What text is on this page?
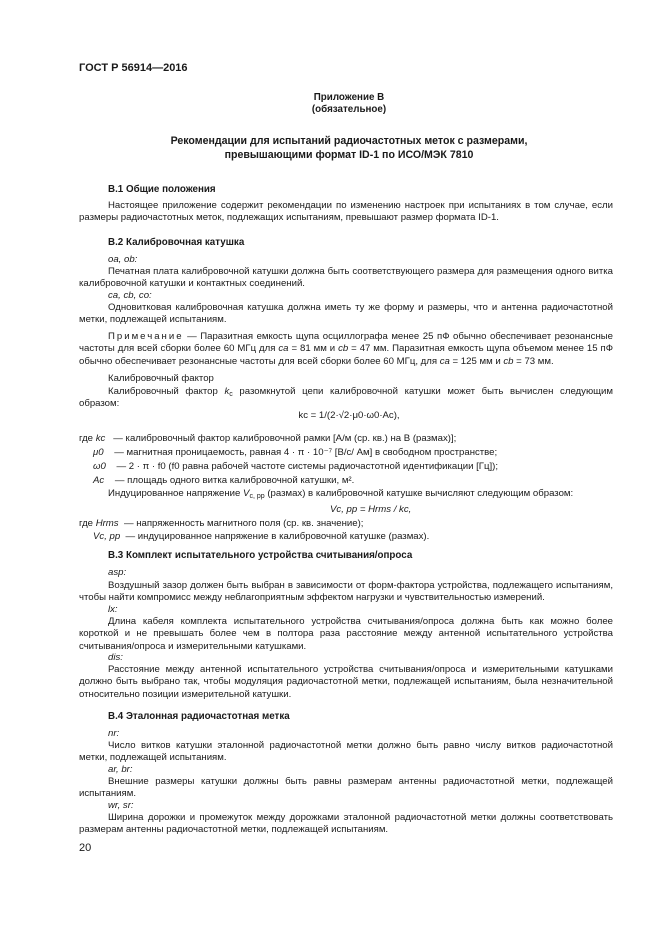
ГОСТ Р 56914—2016
Приложение В
(обязательное)
Рекомендации для испытаний радиочастотных меток с размерами,
превышающими формат ID-1 по ИСО/МЭК 7810
В.1 Общие положения
Настоящее приложение содержит рекомендации по изменению настроек при испытаниях в том случае, если размеры радиочастотных меток, подлежащих испытаниям, превышают размер формата ID-1.
В.2 Калибровочная катушка
oa, ob:
Печатная плата калибровочной катушки должна быть соответствующего размера для размещения одного витка калибровочной катушки и контактных соединений.
ca, cb, co:
Одновитковая калибровочная катушка должна иметь ту же форму и размеры, что и антенна радиочастотной метки, подлежащей испытаниям.
Примечание — Паразитная емкость щупа осциллографа менее 25 пФ обычно обеспечивает резонансные частоты для всей сборки более 60 МГц для ca = 81 мм и cb = 47 мм. Паразитная емкость щупа объемом менее 15 пФ обычно обеспечивает резонансные частоты для всей сборки более 60 МГц, для ca = 125 мм и cb = 73 мм.
Калибровочный фактор
Калибровочный фактор $k_c$ разомкнутой цепи калибровочной катушки может быть вычислен следующим образом:
kc = 1/(2·√2·μ0·ω0·Ac),
где kc — калибровочный фактор калибровочной рамки [А/м (ср. кв.) на В (размах)];
μ0 — магнитная проницаемость, равная 4 · π · 10⁻⁷ [В/с/ Ам] в свободном пространстве;
ω0 — 2 · π · f0 (f0 равна рабочей частоте системы радиочастотной идентификации [Гц]);
Ac — площадь одного витка калибровочной катушки, м².
Индуцированное напряжение $V_{c, pp}$ (размах) в калибровочной катушке вычисляют следующим образом:
Vc, pp = Hrms / kc,
где Hrms — напряженность магнитного поля (ср. кв. значение);
Vc, pp — индуцированное напряжение в калибровочной катушке (размах).
В.3 Комплект испытательного устройства считывания/опроса
asp:
Воздушный зазор должен быть выбран в зависимости от форм-фактора устройства, подлежащего испытаниям, чтобы найти компромисс между неблагоприятным эффектом нагрузки и чувствительностью измерений.
lx:
Длина кабеля комплекта испытательного устройства считывания/опроса должна быть как можно более короткой и не превышать более чем в полтора раза расстояние между антенной испытательного устройства считывания/опроса и измерительными катушками.
dis:
Расстояние между антенной испытательного устройства считывания/опроса и измерительными катушками должно быть выбрано так, чтобы модуляция радиочастотной метки, подлежащей испытаниям, была незначительной относительно позиции измерительной катушки.
В.4 Эталонная радиочастотная метка
nr:
Число витков катушки эталонной радиочастотной метки должно быть равно числу витков радиочастотной метки, подлежащей испытаниям.
ar, br:
Внешние размеры катушки должны быть равны размерам антенны радиочастотной метки, подлежащей испытаниям.
wr, sr:
Ширина дорожки и промежуток между дорожками эталонной радиочастотной метки должны соответствовать размерам антенны радиочастотной метки, подлежащей испытаниям.
20
